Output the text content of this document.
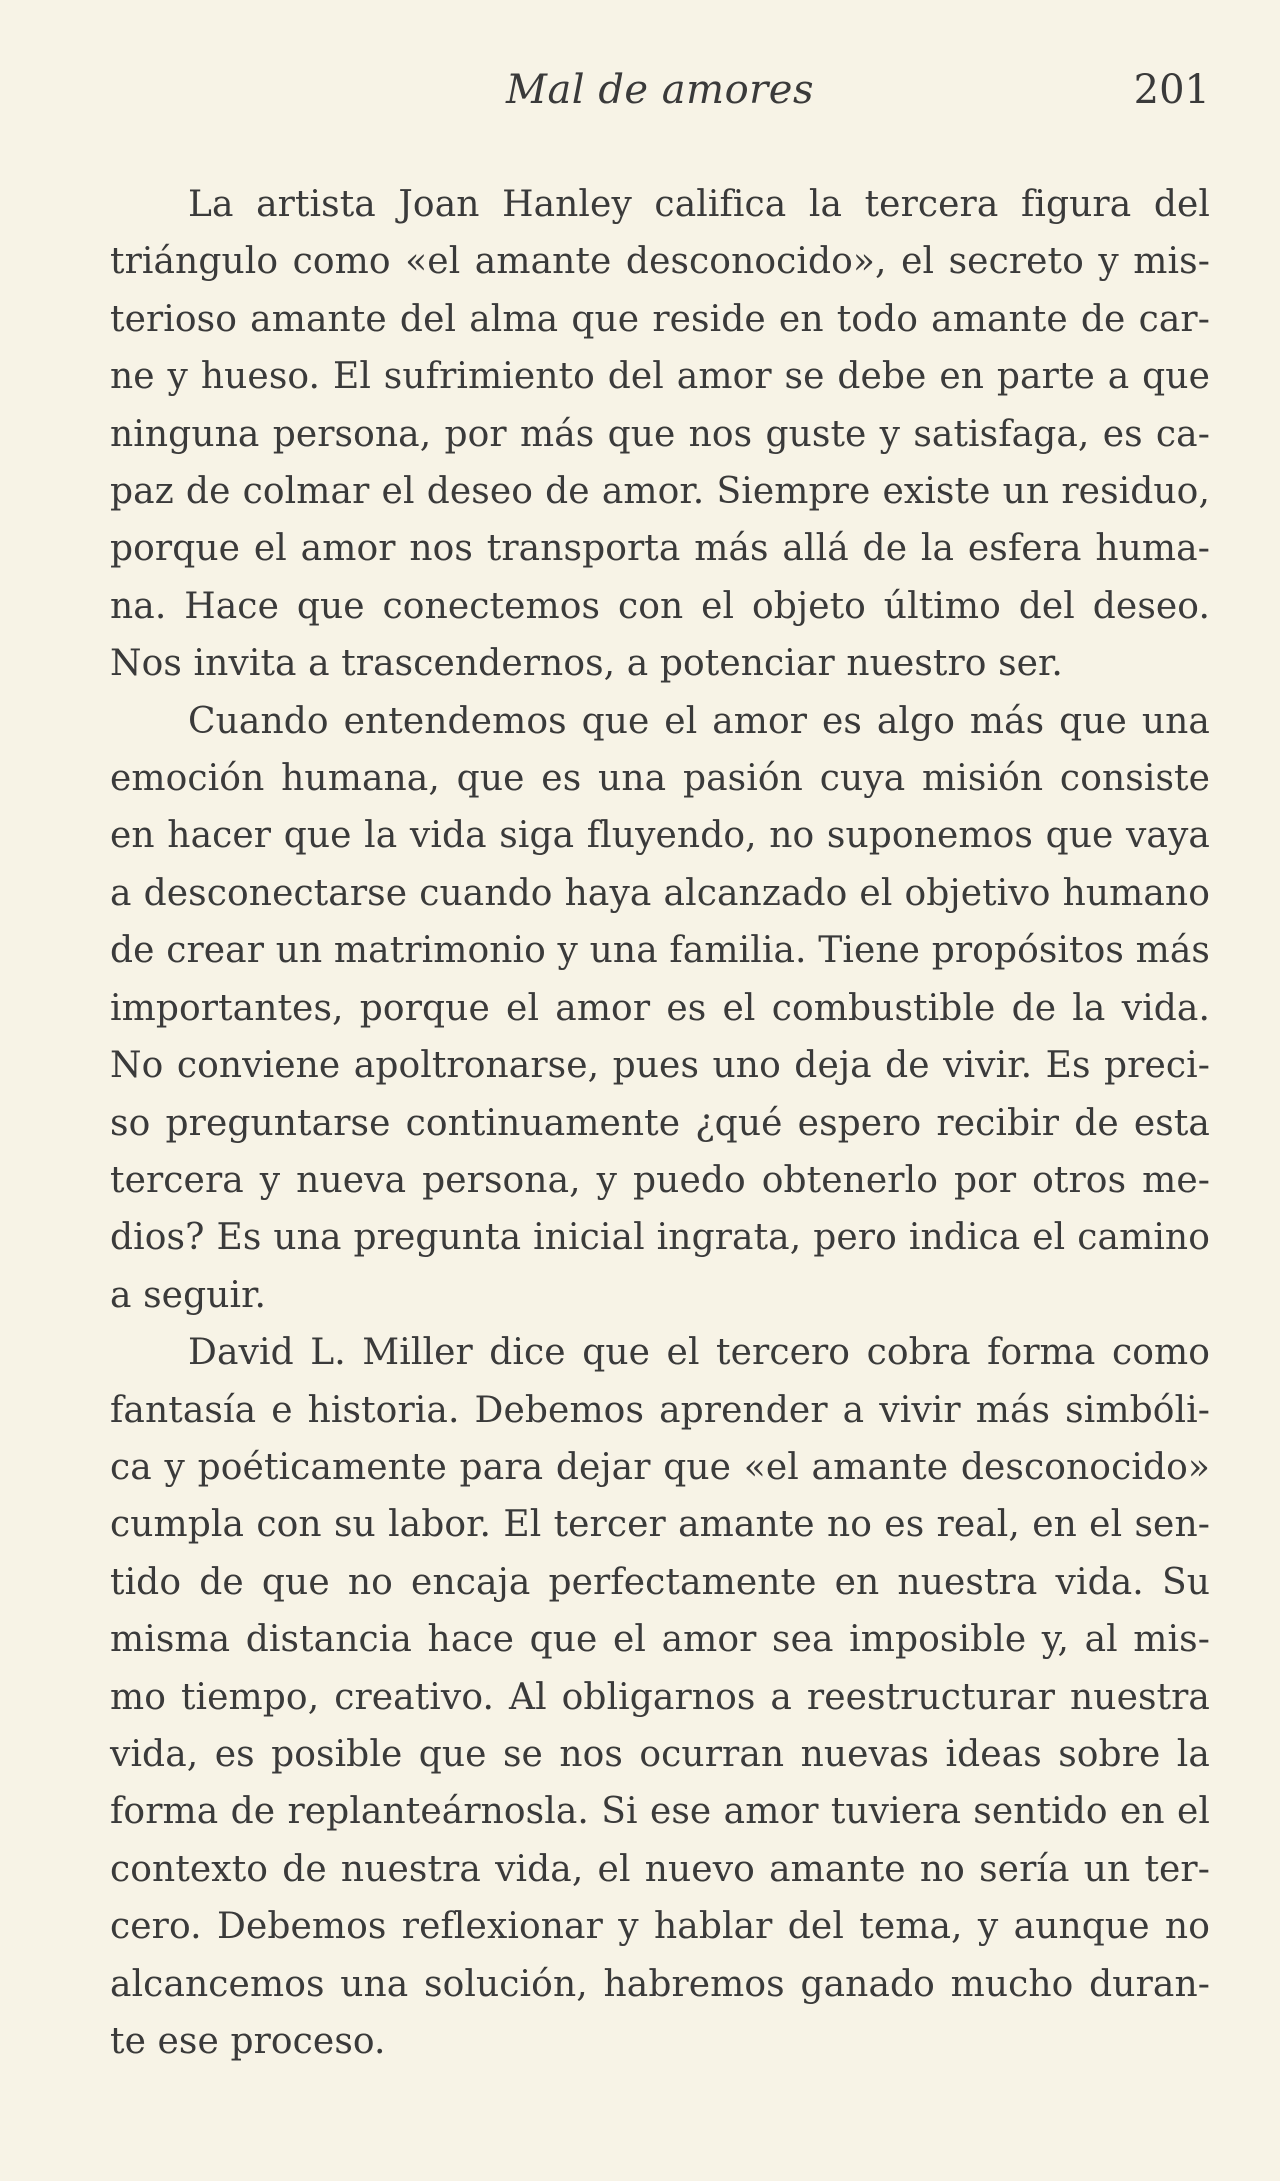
Mal de amores	201

La artista Joan Hanley califica la tercera figura del
triángulo como «el amante desconocido», el secreto y mis-
terioso amante del alma que reside en todo amante de car-
ne y hueso. El sufrimiento del amor se debe en parte a que
ninguna persona, por más que nos guste y satisfaga, es ca-
paz de colmar el deseo de amor. Siempre existe un residuo,
porque el amor nos transporta más allá de la esfera huma-
na. Hace que conectemos con el objeto último del deseo.
Nos invita a trascendernos, a potenciar nuestro ser.

Cuando entendemos que el amor es algo más que una
emoción humana, que es una pasión cuya misión consiste
en hacer que la vida siga fluyendo, no suponemos que vaya
a desconectarse cuando haya alcanzado el objetivo humano
de crear un matrimonio y una familia. Tiene propósitos más
importantes, porque el amor es el combustible de la vida.
No conviene apoltronarse, pues uno deja de vivir. Es preci-
so preguntarse continuamente ¿qué espero recibir de esta
tercera y nueva persona, y puedo obtenerlo por otros me-
dios? Es una pregunta inicial ingrata, pero indica el camino
a seguir.

David L. Miller dice que el tercero cobra forma como
fantasía e historia. Debemos aprender a vivir más simbóli-
ca y poéticamente para dejar que «el amante desconocido»
cumpla con su labor. El tercer amante no es real, en el sen-
tido de que no encaja perfectamente en nuestra vida. Su
misma distancia hace que el amor sea imposible y, al mis-
mo tiempo, creativo. Al obligarnos a reestructurar nuestra
vida, es posible que se nos ocurran nuevas ideas sobre la
forma de replanteárnosla. Si ese amor tuviera sentido en el
contexto de nuestra vida, el nuevo amante no sería un ter-
cero. Debemos reflexionar y hablar del tema, y aunque no
alcancemos una solución, habremos ganado mucho duran-
te ese proceso.
